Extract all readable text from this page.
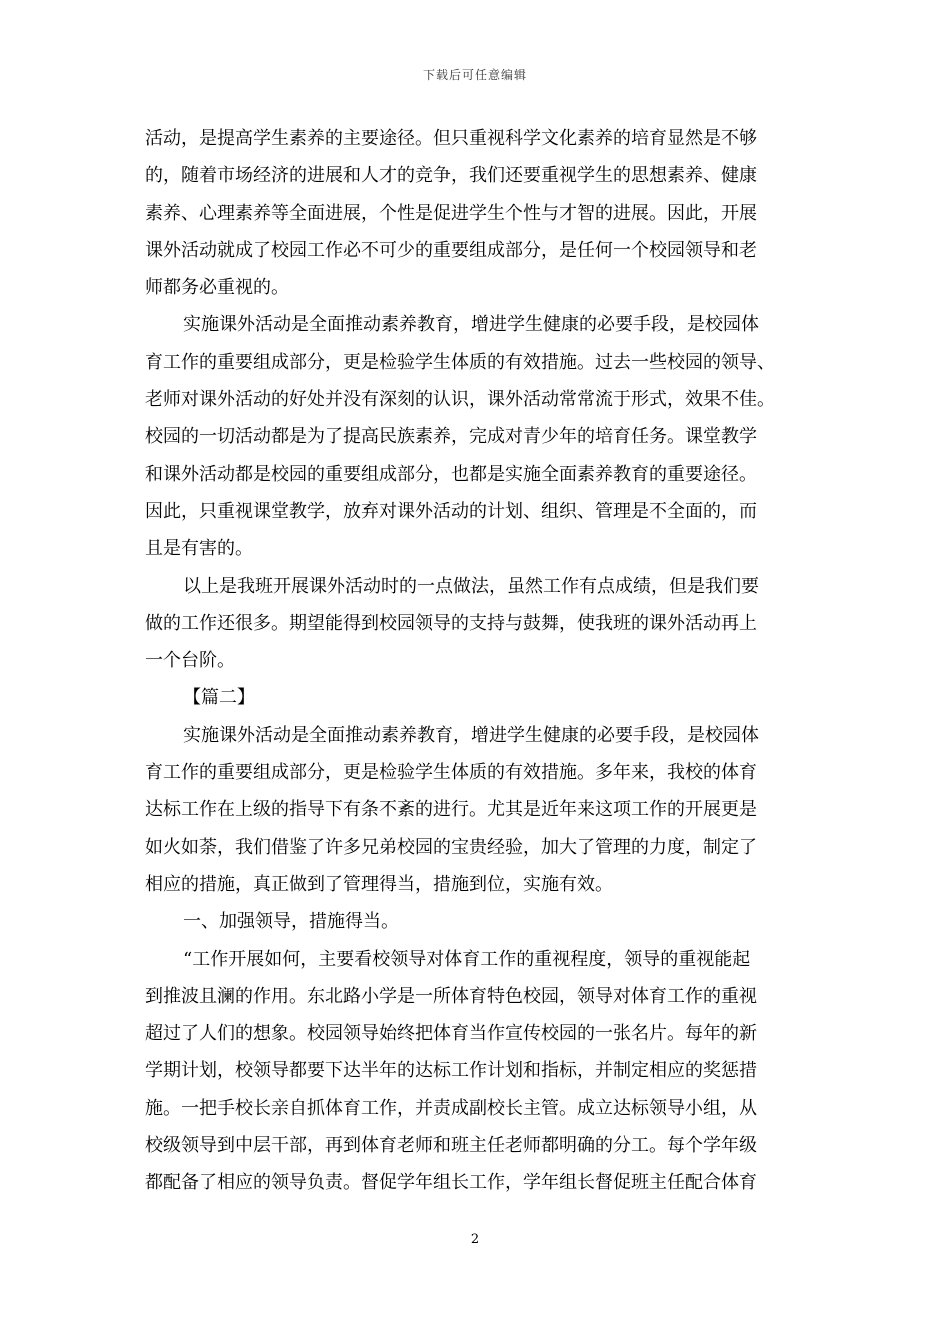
下载后可任意编辑
活动，是提高学生素养的主要途径。但只重视科学文化素养的培育显然是不够
的，随着市场经济的进展和人才的竞争，我们还要重视学生的思想素养、健康
素养、心理素养等全面进展，个性是促进学生个性与才智的进展。因此，开展
课外活动就成了校园工作必不可少的重要组成部分，是任何一个校园领导和老
师都务必重视的。
实施课外活动是全面推动素养教育，增进学生健康的必要手段，是校园体
育工作的重要组成部分，更是检验学生体质的有效措施。过去一些校园的领导、
老师对课外活动的好处并没有深刻的认识，课外活动常常流于形式，效果不佳。
校园的一切活动都是为了提高民族素养，完成对青少年的培育任务。课堂教学
和课外活动都是校园的重要组成部分，也都是实施全面素养教育的重要途径。
因此，只重视课堂教学，放弃对课外活动的计划、组织、管理是不全面的，而
且是有害的。
以上是我班开展课外活动时的一点做法，虽然工作有点成绩，但是我们要
做的工作还很多。期望能得到校园领导的支持与鼓舞，使我班的课外活动再上
一个台阶。
【篇二】
实施课外活动是全面推动素养教育，增进学生健康的必要手段，是校园体
育工作的重要组成部分，更是检验学生体质的有效措施。多年来，我校的体育
达标工作在上级的指导下有条不紊的进行。尤其是近年来这项工作的开展更是
如火如荼，我们借鉴了许多兄弟校园的宝贵经验，加大了管理的力度，制定了
相应的措施，真正做到了管理得当，措施到位，实施有效。
一、加强领导，措施得当。
“工作开展如何，主要看校领导对体育工作的重视程度，领导的重视能起
到推波且澜的作用。东北路小学是一所体育特色校园，领导对体育工作的重视
超过了人们的想象。校园领导始终把体育当作宣传校园的一张名片。每年的新
学期计划，校领导都要下达半年的达标工作计划和指标，并制定相应的奖惩措
施。一把手校长亲自抓体育工作，并责成副校长主管。成立达标领导小组，从
校级领导到中层干部，再到体育老师和班主任老师都明确的分工。每个学年级
都配备了相应的领导负责。督促学年组长工作，学年组长督促班主任配合体育
2
